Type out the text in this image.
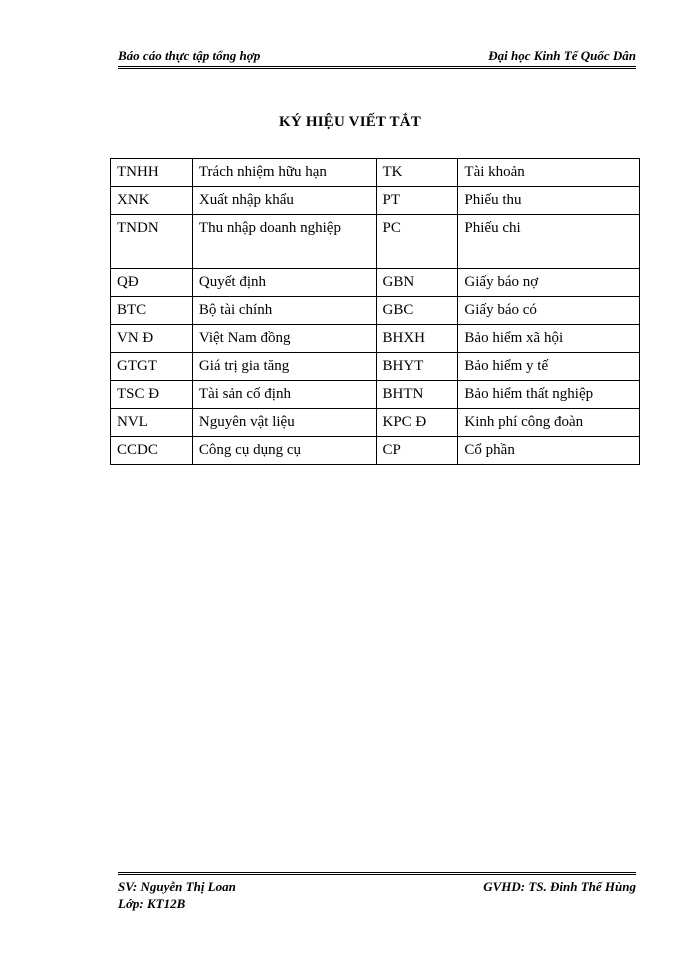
Báo cáo thực tập tổng hợp	Đại học Kinh Tế Quốc Dân
KÝ HIỆU VIẾT TẮT
TNHH	Trách nhiệm hữu hạn	TK	Tài khoản
XNK	Xuất nhập khẩu	PT	Phiếu thu
TNDN	Thu nhập doanh nghiệp	PC	Phiếu chi
QĐ	Quyết định	GBN	Giấy báo nợ
BTC	Bộ tài chính	GBC	Giấy báo có
VN Đ	Việt Nam đồng	BHXH	Bảo hiểm xã hội
GTGT	Giá trị gia tăng	BHYT	Bảo hiểm y tế
TSC Đ	Tài sản cố định	BHTN	Bảo hiểm thất nghiệp
NVL	Nguyên vật liệu	KPC Đ	Kinh phí công đoàn
CCDC	Công cụ dụng cụ	CP	Cổ phần
SV: Nguyễn Thị Loan
Lớp: KT12B
GVHD: TS. Đinh Thế Hùng
